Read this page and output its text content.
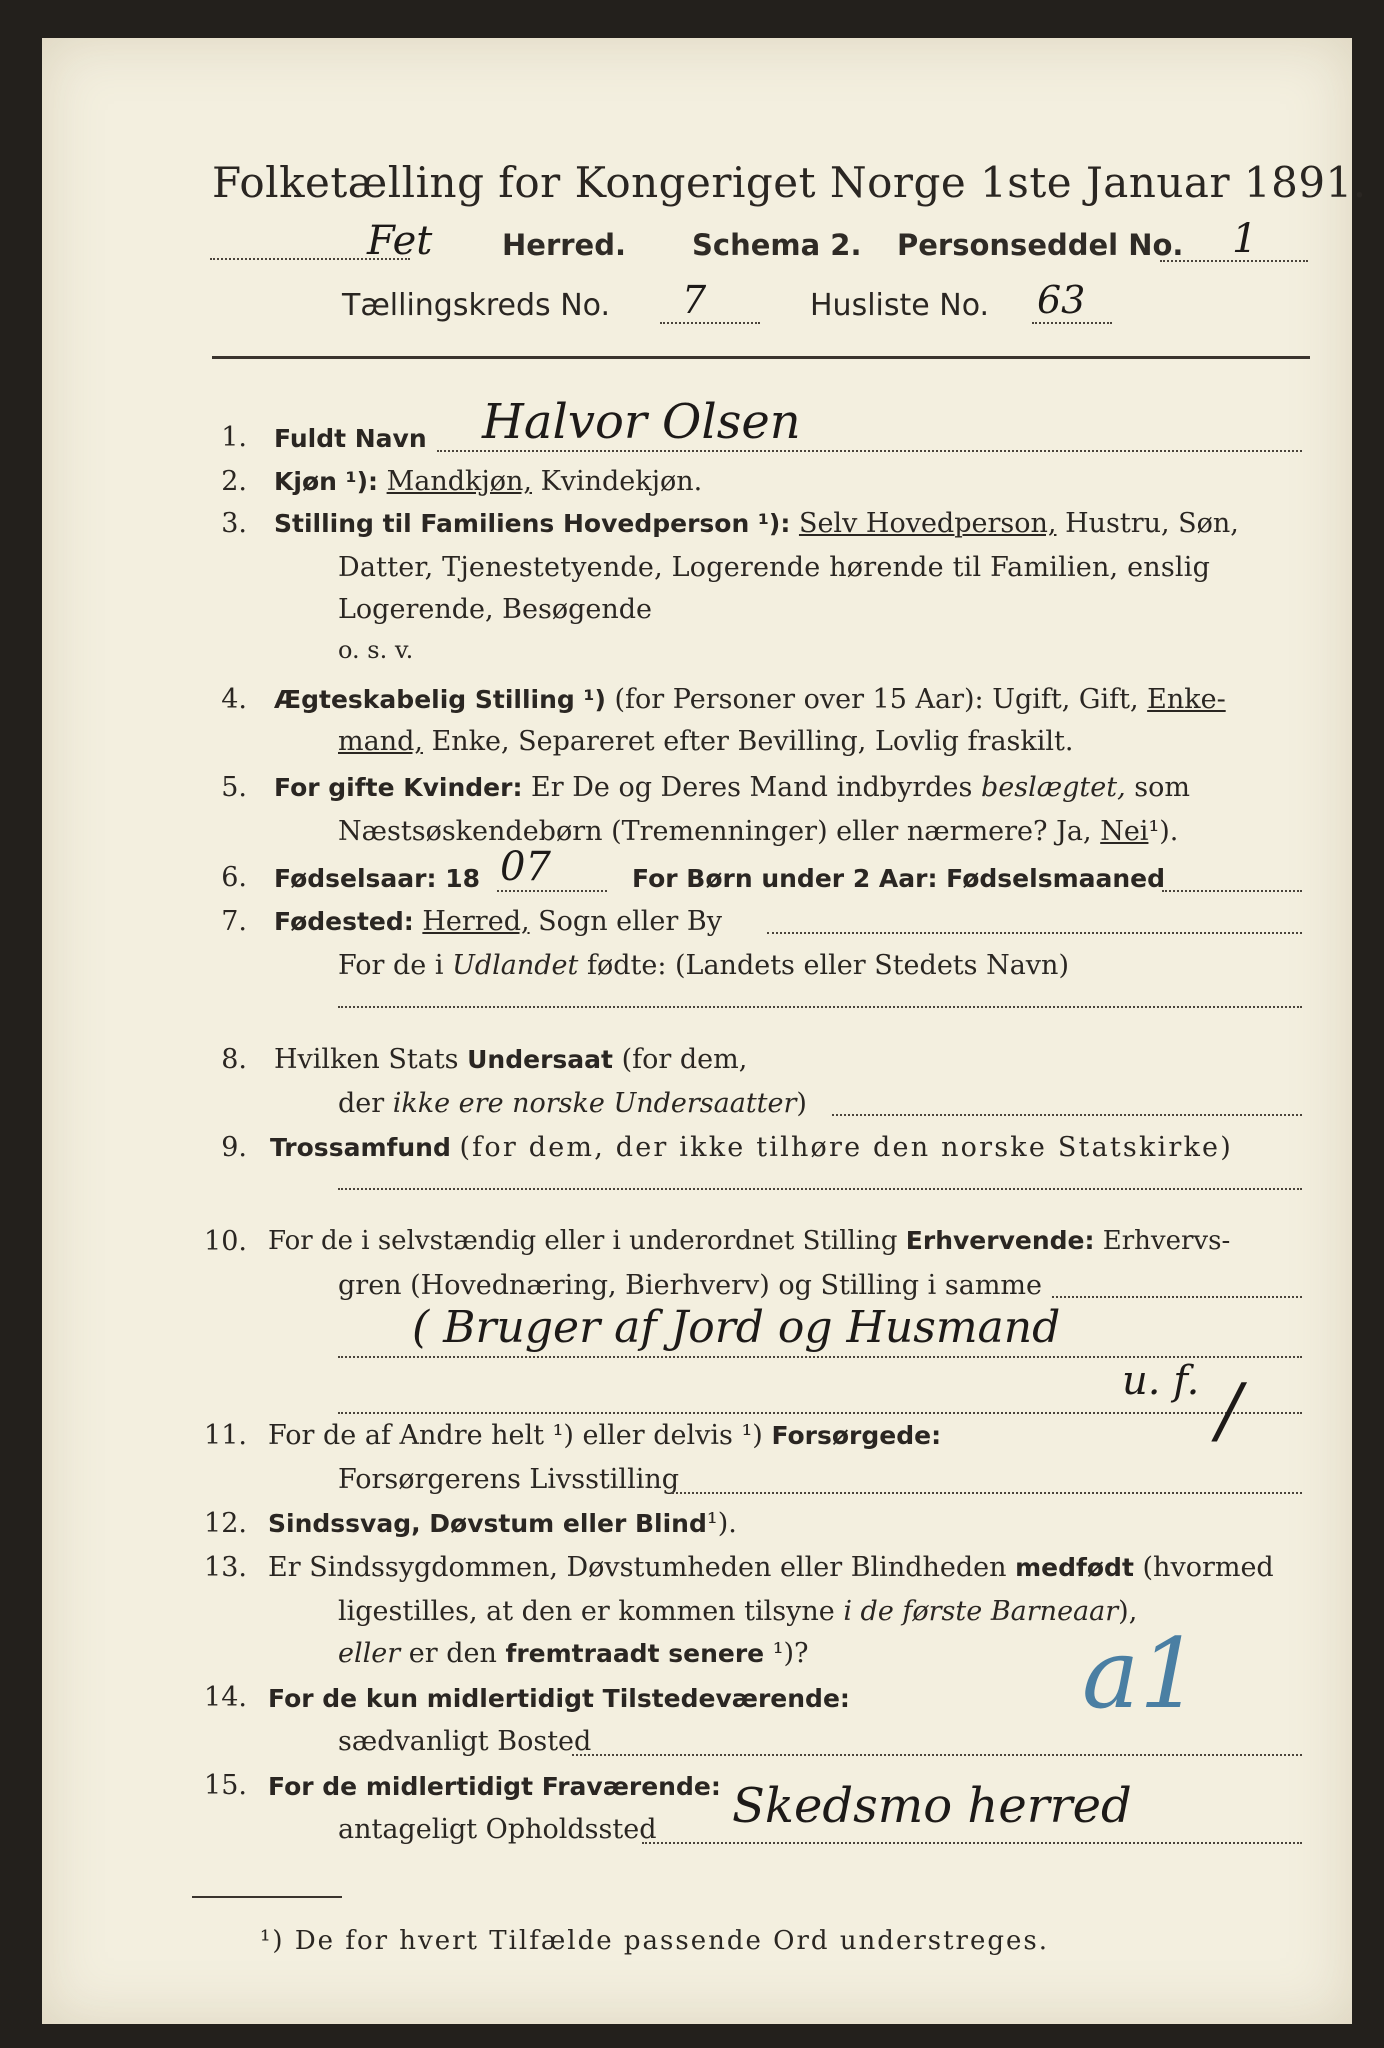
Folketælling for Kongeriget Norge 1ste Januar 1891.
Fet Herred. Schema 2. Personseddel No. 1
Tællingskreds No. 7	Husliste No. 63
1. Fuldt Navn Halvor Olsen
2. Kjøn ¹): Mandkjøn, Kvindekjøn.
3. Stilling til Familiens Hovedperson ¹): Selv Hovedperson, Hustru, Søn,
Datter, Tjenestetyende, Logerende hørende til Familien, enslig
Logerende, Besøgende
o. s. v.
4. Ægteskabelig Stilling ¹) (for Personer over 15 Aar): Ugift, Gift, Enke-
mand, Enke, Separeret efter Bevilling, Lovlig fraskilt.
5. For gifte Kvinder: Er De og Deres Mand indbyrdes beslægtet, som
Næstsøskendebørn (Tremenninger) eller nærmere? Ja, Nei¹).
6. Fødselsaar: 18 07	For Børn under 2 Aar: Fødselsmaaned
7. Fødested: Herred, Sogn eller By
For de i Udlandet fødte: (Landets eller Stedets Navn)
8. Hvilken Stats Undersaat (for dem,
der ikke ere norske Undersaatter)
9. Trossamfund (for dem, der ikke tilhøre den norske Statskirke)
10. For de i selvstændig eller i underordnet Stilling Erhvervende: Erhvervs-
gren (Hovednæring, Bierhverv) og Stilling i samme
( Bruger af Jord og Husmand
u. f.
11. For de af Andre helt ¹) eller delvis ¹) Forsørgede:	/
Forsørgerens Livsstilling
12. Sindssvag, Døvstum eller Blind¹).
13. Er Sindssygdommen, Døvstumheden eller Blindheden medfødt (hvormed
ligestilles, at den er kommen tilsyne i de første Barneaar),
eller er den fremtraadt senere ¹)?
14. For de kun midlertidigt Tilstedeværende: a1
sædvanligt Bosted
15. For de midlertidigt Fraværende:
antageligt Opholdssted Skedsmo herred
¹) De for hvert Tilfælde passende Ord understreges.
